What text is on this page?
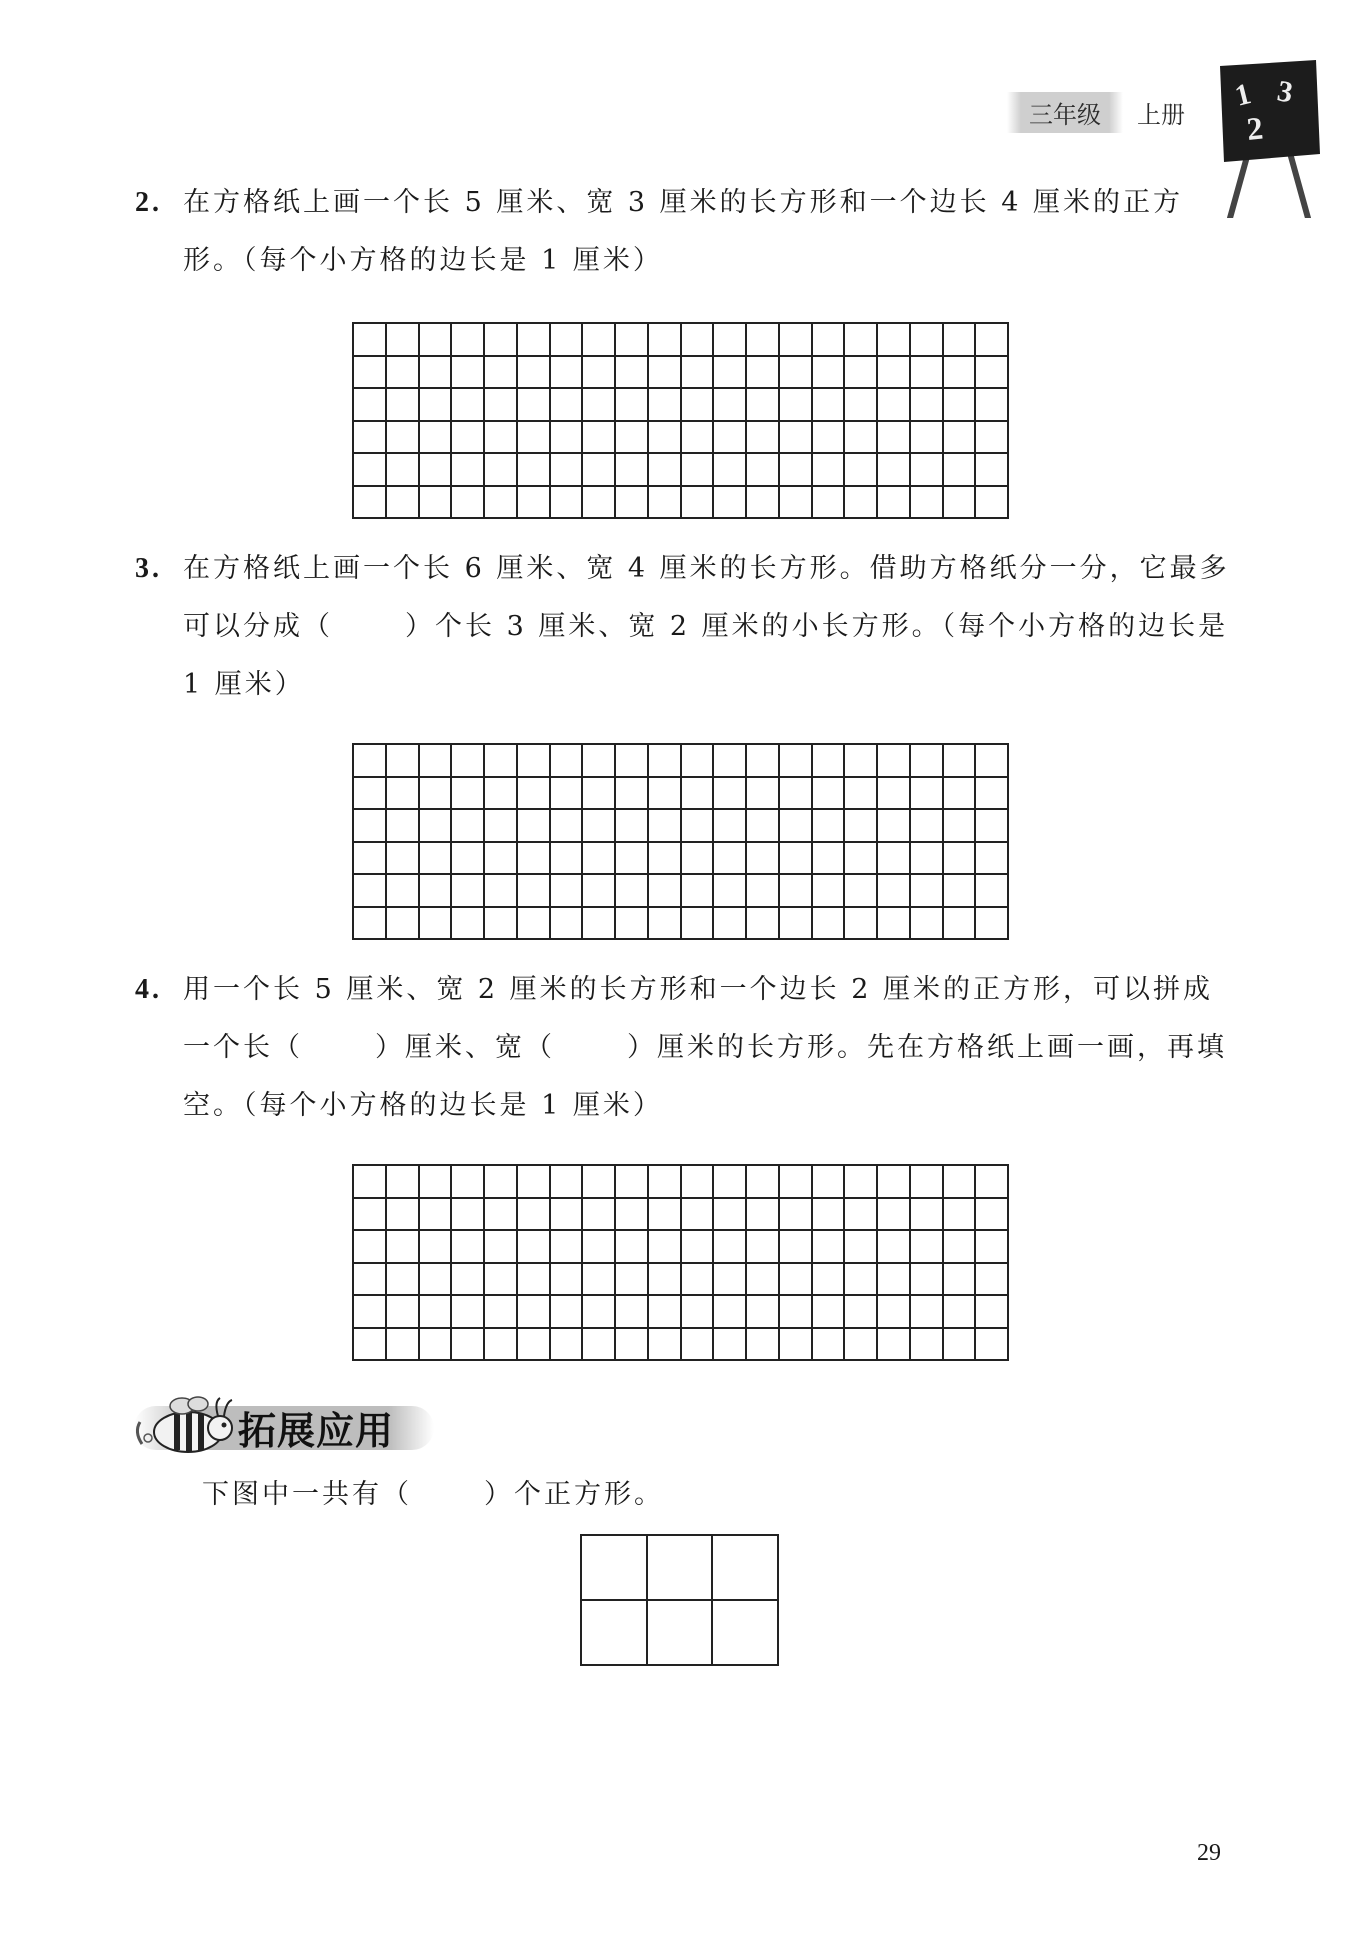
三年级	上册
1 3
2
2. 在方格纸上画一个长 5 厘米、宽 3 厘米的长方形和一个边长 4 厘米的正方形。（每个小方格的边长是 1 厘米）
3. 在方格纸上画一个长 6 厘米、宽 4 厘米的长方形。借助方格纸分一分，它最多可以分成（	）个长 3 厘米、宽 2 厘米的小长方形。（每个小方格的边长是 1 厘米）
4. 用一个长 5 厘米、宽 2 厘米的长方形和一个边长 2 厘米的正方形，可以拼成一个长（	）厘米、宽（	）厘米的长方形。先在方格纸上画一画，再填空。（每个小方格的边长是 1 厘米）
拓展应用
下图中一共有（	）个正方形。
29
